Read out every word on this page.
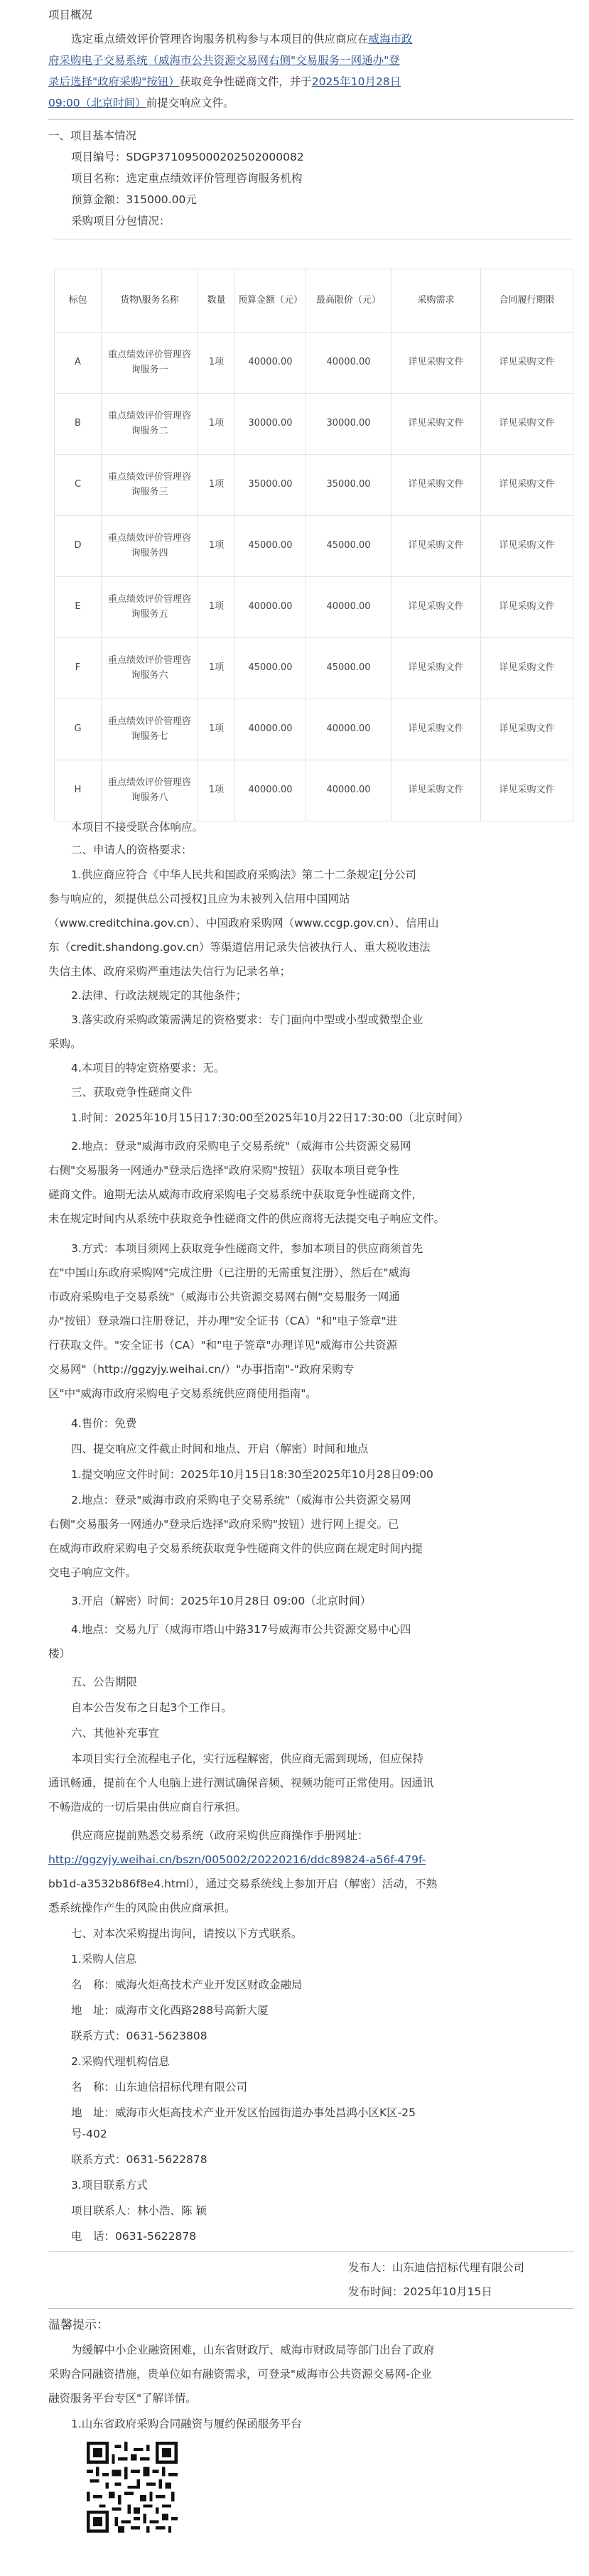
项目概况
选定重点绩效评价管理咨询服务机构参与本项目的供应商应在威海市政
府采购电子交易系统（威海市公共资源交易网右侧"交易服务一网通办"登
录后选择"政府采购"按钮）获取竞争性磋商文件，并于2025年10月28日
09:00（北京时间）前提交响应文件。
一、项目基本情况
项目编号：SDGP371095000202502000082
项目名称：选定重点绩效评价管理咨询服务机构
预算金额：315000.00元
采购项目分包情况：
标包	货物\服务名称	数量	预算金额（元）	最高限价（元）	采购需求	合同履行期限
A	重点绩效评价管理咨询服务一	1项	40000.00	40000.00	详见采购文件	详见采购文件
B	重点绩效评价管理咨询服务二	1项	30000.00	30000.00	详见采购文件	详见采购文件
C	重点绩效评价管理咨询服务三	1项	35000.00	35000.00	详见采购文件	详见采购文件
D	重点绩效评价管理咨询服务四	1项	45000.00	45000.00	详见采购文件	详见采购文件
E	重点绩效评价管理咨询服务五	1项	40000.00	40000.00	详见采购文件	详见采购文件
F	重点绩效评价管理咨询服务六	1项	45000.00	45000.00	详见采购文件	详见采购文件
G	重点绩效评价管理咨询服务七	1项	40000.00	40000.00	详见采购文件	详见采购文件
H	重点绩效评价管理咨询服务八	1项	40000.00	40000.00	详见采购文件	详见采购文件
本项目不接受联合体响应。
二、申请人的资格要求：
1.供应商应符合《中华人民共和国政府采购法》第二十二条规定[分公司
参与响应的，须提供总公司授权]且应为未被列入信用中国网站
（www.creditchina.gov.cn）、中国政府采购网（www.ccgp.gov.cn）、信用山
东（credit.shandong.gov.cn）等渠道信用记录失信被执行人、重大税收违法
失信主体、政府采购严重违法失信行为记录名单；
2.法律、行政法规规定的其他条件；
3.落实政府采购政策需满足的资格要求：专门面向中型或小型或微型企业
采购。
4.本项目的特定资格要求：无。
三、获取竞争性磋商文件
1.时间：2025年10月15日17:30:00至2025年10月22日17:30:00（北京时间）
2.地点：登录"威海市政府采购电子交易系统"（威海市公共资源交易网
右侧"交易服务一网通办"登录后选择"政府采购"按钮）获取本项目竞争性
磋商文件。逾期无法从威海市政府采购电子交易系统中获取竞争性磋商文件，
未在规定时间内从系统中获取竞争性磋商文件的供应商将无法提交电子响应文件。
3.方式：本项目须网上获取竞争性磋商文件，参加本项目的供应商须首先
在"中国山东政府采购网"完成注册（已注册的无需重复注册），然后在"威海
市政府采购电子交易系统"（威海市公共资源交易网右侧"交易服务一网通
办"按钮）登录端口注册登记，并办理"安全证书（CA）"和"电子签章"进
行获取文件。"安全证书（CA）"和"电子签章"办理详见"威海市公共资源
交易网"（http://ggzyjy.weihai.cn/）"办事指南"-"政府采购专
区"中"威海市政府采购电子交易系统供应商使用指南"。
4.售价：免费
四、提交响应文件截止时间和地点、开启（解密）时间和地点
1.提交响应文件时间：2025年10月15日18:30至2025年10月28日09:00
2.地点：登录"威海市政府采购电子交易系统"（威海市公共资源交易网
右侧"交易服务一网通办"登录后选择"政府采购"按钮）进行网上提交。已
在威海市政府采购电子交易系统获取竞争性磋商文件的供应商在规定时间内提
交电子响应文件。
3.开启（解密）时间：2025年10月28日 09:00（北京时间）
4.地点：交易九厅（威海市塔山中路317号威海市公共资源交易中心四
楼）
五、公告期限
自本公告发布之日起3个工作日。
六、其他补充事宜
本项目实行全流程电子化，实行远程解密，供应商无需到现场，但应保持
通讯畅通，提前在个人电脑上进行测试确保音频、视频功能可正常使用。因通讯
不畅造成的一切后果由供应商自行承担。
供应商应提前熟悉交易系统（政府采购供应商操作手册网址：
http://ggzyjy.weihai.cn/bszn/005002/20220216/ddc89824-a56f-479f-
bb1d-a3532b86f8e4.html），通过交易系统线上参加开启（解密）活动，不熟
悉系统操作产生的风险由供应商承担。
七、对本次采购提出询问，请按以下方式联系。
1.采购人信息
名　称：威海火炬高技术产业开发区财政金融局
地　址：威海市文化西路288号高新大厦
联系方式：0631-5623808
2.采购代理机构信息
名　称：山东迪信招标代理有限公司
地　址：威海市火炬高技术产业开发区怡园街道办事处昌鸿小区K区-25
号-402
联系方式：0631-5622878
3.项目联系方式
项目联系人：林小浩、陈 颖
电　话：0631-5622878
发布人：山东迪信招标代理有限公司
发布时间：2025年10月15日
温馨提示：
为缓解中小企业融资困难，山东省财政厅、威海市财政局等部门出台了政府
采购合同融资措施，贵单位如有融资需求，可登录"威海市公共资源交易网-企业
融资服务平台专区"了解详情。
1.山东省政府采购合同融资与履约保函服务平台
